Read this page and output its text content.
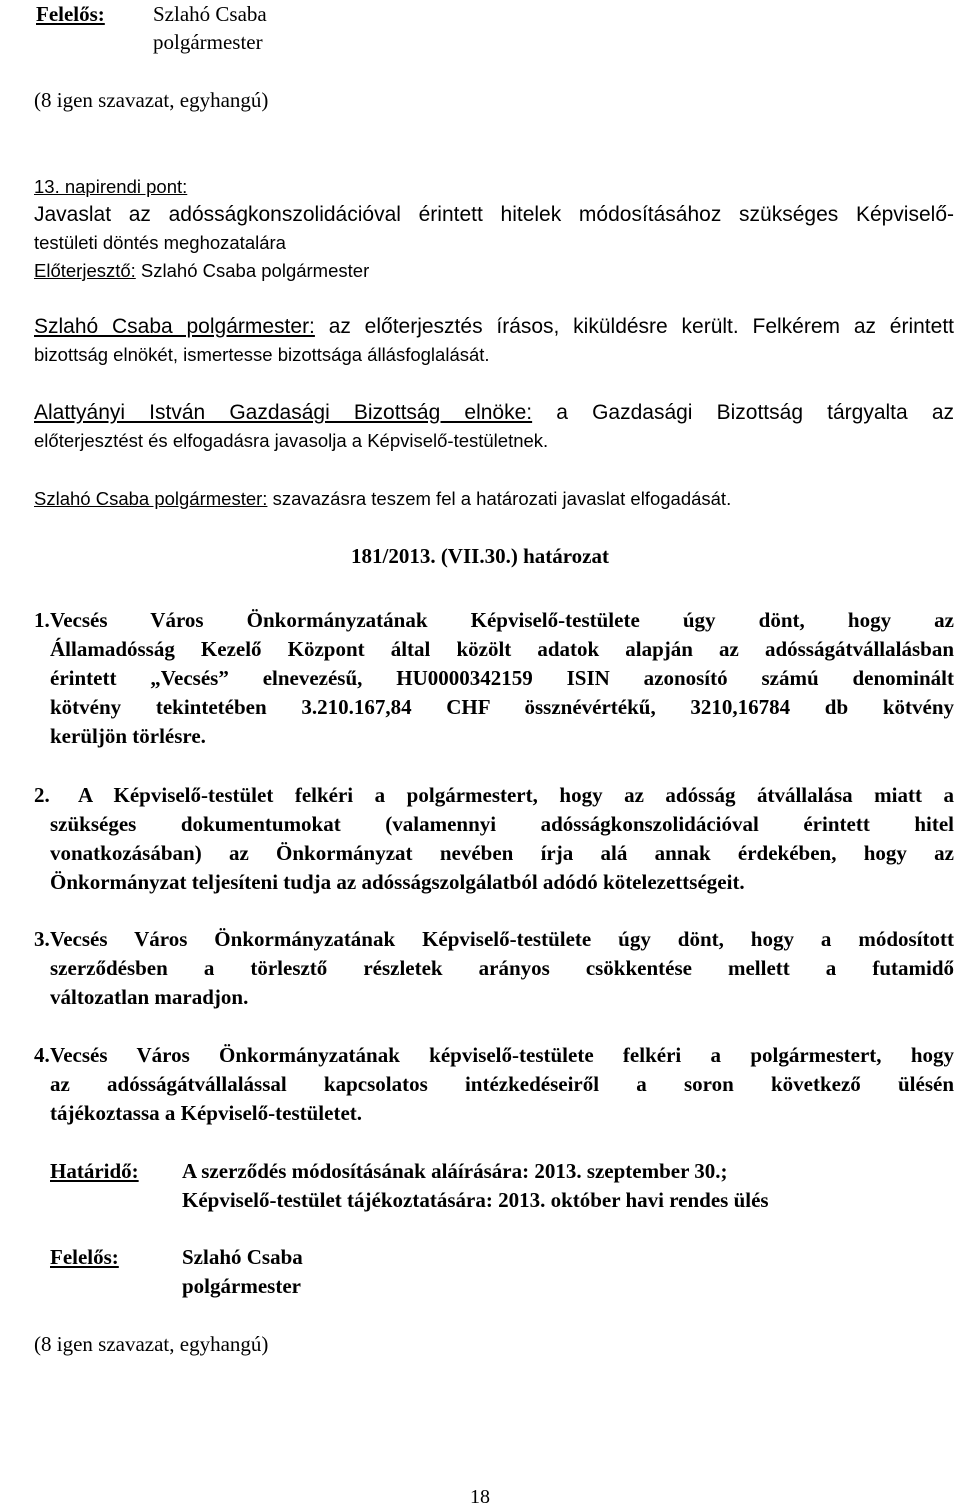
Felelős: Szlahó Csaba
polgármester
(8 igen szavazat, egyhangú)
13. napirendi pont:
Javaslat az adósságkonszolidációval érintett hitelek módosításához szükséges Képviselő-
testületi döntés meghozatalára
Előterjesztő: Szlahó Csaba polgármester
Szlahó Csaba polgármester: az előterjesztés írásos, kiküldésre került. Felkérem az érintett
bizottság elnökét, ismertesse bizottsága állásfoglalását.
Alattyányi István Gazdasági Bizottság elnöke: a Gazdasági Bizottság tárgyalta az
előterjesztést és elfogadásra javasolja a Képviselő-testületnek.
Szlahó Csaba polgármester: szavazásra teszem fel a határozati javaslat elfogadását.
181/2013. (VII.30.) határozat
1. Vecsés Város Önkormányzatának Képviselő-testülete úgy dönt, hogy az
Államadósság Kezelő Központ által közölt adatok alapján az adósságátvállalásban
érintett „Vecsés” elnevezésű, HU0000342159 ISIN azonosító számú denominált
kötvény tekintetében 3.210.167,84 CHF össznévértékű, 3210,16784 db kötvény
kerüljön törlésre.
2. A Képviselő-testület felkéri a polgármestert, hogy az adósság átvállalása miatt a
szükséges dokumentumokat (valamennyi adósságkonszolidációval érintett hitel
vonatkozásában) az Önkormányzat nevében írja alá annak érdekében, hogy az
Önkormányzat teljesíteni tudja az adósságszolgálatból adódó kötelezettségeit.
3. Vecsés Város Önkormányzatának Képviselő-testülete úgy dönt, hogy a módosított
szerződésben a törlesztő részletek arányos csökkentése mellett a futamidő
változatlan maradjon.
4. Vecsés Város Önkormányzatának képviselő-testülete felkéri a polgármestert, hogy
az adósságátvállalással kapcsolatos intézkedéseiről a soron következő ülésén
tájékoztassa a Képviselő-testületet.
Határidő: A szerződés módosításának aláírására: 2013. szeptember 30.;
Képviselő-testület tájékoztatására: 2013. október havi rendes ülés
Felelős:	Szlahó Csaba
polgármester
(8 igen szavazat, egyhangú)
18
